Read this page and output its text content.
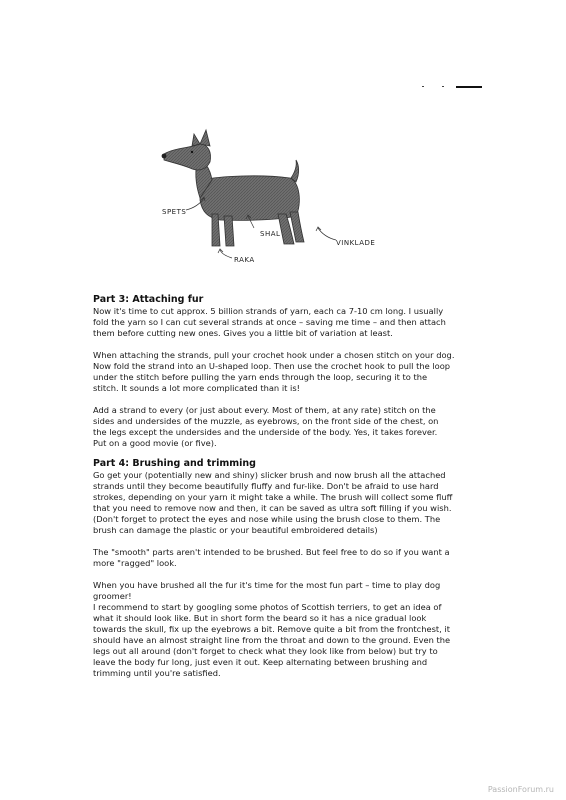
SPETS
SHAL
VINKLADE
RAKA
Part 3: Attaching fur

Now it's time to cut approx. 5 billion strands of yarn, each ca 7-10 cm long. I usually
fold the yarn so I can cut several strands at once – saving me time – and then attach
them before cutting new ones. Gives you a little bit of variation at least.

When attaching the strands, pull your crochet hook under a chosen stitch on your dog.
Now fold the strand into an U-shaped loop. Then use the crochet hook to pull the loop
under the stitch before pulling the yarn ends through the loop, securing it to the
stitch. It sounds a lot more complicated than it is!

Add a strand to every (or just about every. Most of them, at any rate) stitch on the
sides and undersides of the muzzle, as eyebrows, on the front side of the chest, on
the legs except the undersides and the underside of the body. Yes, it takes forever.
Put on a good movie (or five).

Part 4: Brushing and trimming

Go get your (potentially new and shiny) slicker brush and now brush all the attached
strands until they become beautifully fluffy and fur-like. Don't be afraid to use hard
strokes, depending on your yarn it might take a while. The brush will collect some fluff
that you need to remove now and then, it can be saved as ultra soft filling if you wish.
(Don't forget to protect the eyes and nose while using the brush close to them. The
brush can damage the plastic or your beautiful embroidered details)

The "smooth" parts aren't intended to be brushed. But feel free to do so if you want a
more "ragged" look.

When you have brushed all the fur it's time for the most fun part – time to play dog
groomer!
I recommend to start by googling some photos of Scottish terriers, to get an idea of
what it should look like. But in short form the beard so it has a nice gradual look
towards the skull, fix up the eyebrows a bit. Remove quite a bit from the frontchest, it
should have an almost straight line from the throat and down to the ground. Even the
legs out all around (don't forget to check what they look like from below) but try to
leave the body fur long, just even it out. Keep alternating between brushing and
trimming until you're satisfied.

PassionForum.ru
